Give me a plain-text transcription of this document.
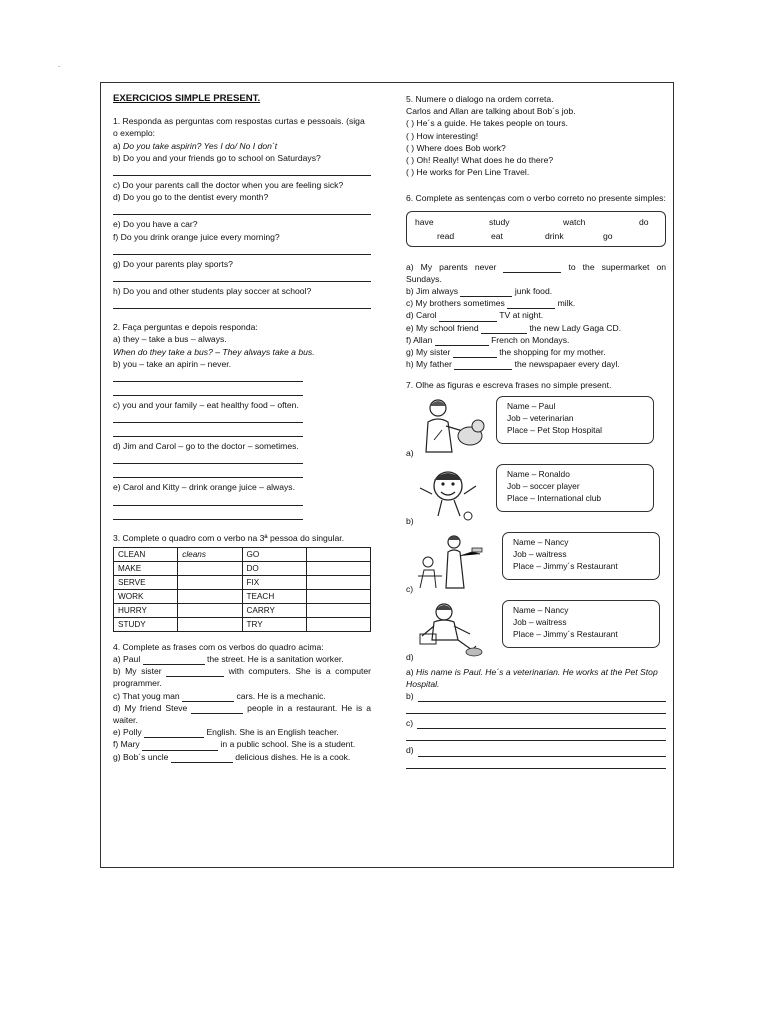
.
EXERCICIOS SIMPLE PRESENT.

1. Responda as perguntas com respostas curtas e pessoais. (siga o exemplo:

a) Do you take aspirin? Yes I do/ No I don´t

b) Do you and your friends go to school on Saturdays?

c) Do your parents call the doctor when you are feeling sick?

d) Do you go to the dentist every month?

e) Do you have a car?

f) Do you drink orange juice every morning?

g) Do your parents play sports?

h) Do you and other students play soccer at school?

2. Faça perguntas e depois responda:

a) they – take a bus – always.

When do they take a bus? – They always take a bus.

b) you – take an apirin – never.

c) you and your family – eat healthy food – often.

d) Jim and Carol – go to the doctor – sometimes.

e) Carol and Kitty – drink orange juice – always.

3. Complete o quadro com o verbo na 3ª pessoa do singular.

CLEAN	cleans	GO	
MAKE		DO	
SERVE		FIX	
WORK		TEACH	
HURRY		CARRY	
STUDY		TRY	

4. Complete as frases com os verbos do quadro acima:

a) Paul	the street. He is a sanitation worker.

b) My sister	with computers. She is a computer programmer.

c) That youg man	cars. He is a mechanic.

d) My friend Steve	people in a restaurant. He is a waiter.

e) Polly	English. She is an English teacher.

f) Mary	in a public school. She is a student.

g) Bob´s uncle	delicious dishes. He is a cook.

5. Numere o dialogo na ordem correta.

Carlos and Allan are talking about Bob´s job.

( ) He´s a guide. He takes people on tours.

( ) How interesting!

( ) Where does Bob work?

( ) Oh! Really! What does he do there?

( ) He works for Pen Line Travel.

6. Complete as sentenças com o verbo correto no presente simples:

have	study	watch	do
read	eat	drink	go

a) My parents never	to the supermarket on Sundays.

b) Jim always	junk food.

c) My brothers sometimes	milk.

d) Carol	TV at night.

e) My school friend	the new Lady Gaga CD.

f) Allan	French on Mondays.

g) My sister	the shopping for my mother.

h) My father	the newspapaer every dayl.

7. Olhe as figuras e escreva frases no simple present.

a)
Name – Paul
Job – veterinarian
Place – Pet Stop Hospital
b)
Name – Ronaldo
Job – soccer player
Place – International club
c)
Name – Nancy
Job – waitress
Place – Jimmy´s Restaurant
d)
Name – Nancy
Job – waitress
Place – Jimmy´s Restaurant

a) His name is Paul. He´s a veterinarian. He works at the Pet Stop Hospital.

b)
c)
d)
